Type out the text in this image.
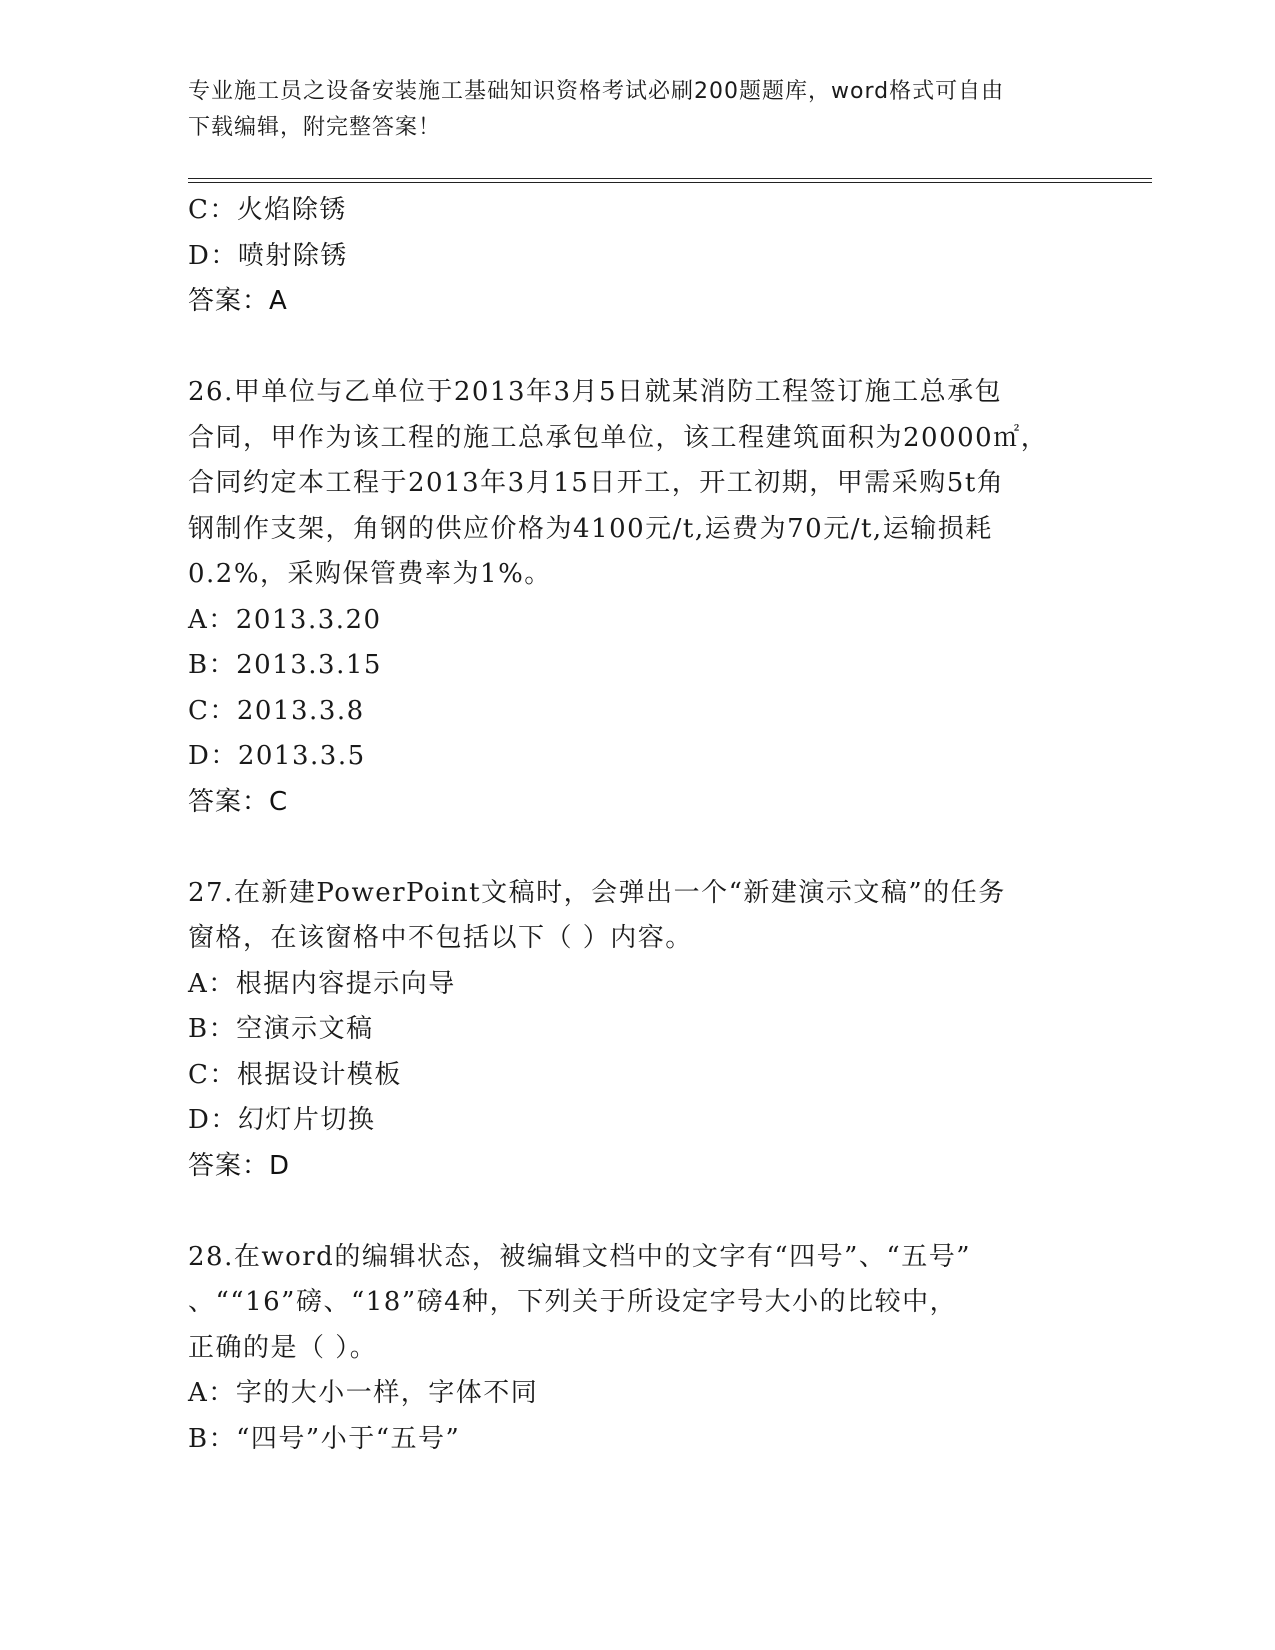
专业施工员之设备安装施工基础知识资格考试必刷200题题库，word格式可自由
下载编辑，附完整答案！
C：火焰除锈
D：喷射除锈
答案：A
26.甲单位与乙单位于2013年3月5日就某消防工程签订施工总承包
合同，甲作为该工程的施工总承包单位，该工程建筑面积为20000㎡，
合同约定本工程于2013年3月15日开工，开工初期，甲需采购5t角
钢制作支架，角钢的供应价格为4100元/t,运费为70元/t,运输损耗
0.2%，采购保管费率为1%。
A：2013.3.20
B：2013.3.15
C：2013.3.8
D：2013.3.5
答案：C
27.在新建PowerPoint文稿时，会弹出一个“新建演示文稿”的任务
窗格，在该窗格中不包括以下（ ）内容。
A：根据内容提示向导
B：空演示文稿
C：根据设计模板
D：幻灯片切换
答案：D
28.在word的编辑状态，被编辑文档中的文字有“四号”、“五号”
、““16”磅、“18”磅4种，下列关于所设定字号大小的比较中，
正确的是（ ）。
A：字的大小一样，字体不同
B：“四号”小于“五号”
